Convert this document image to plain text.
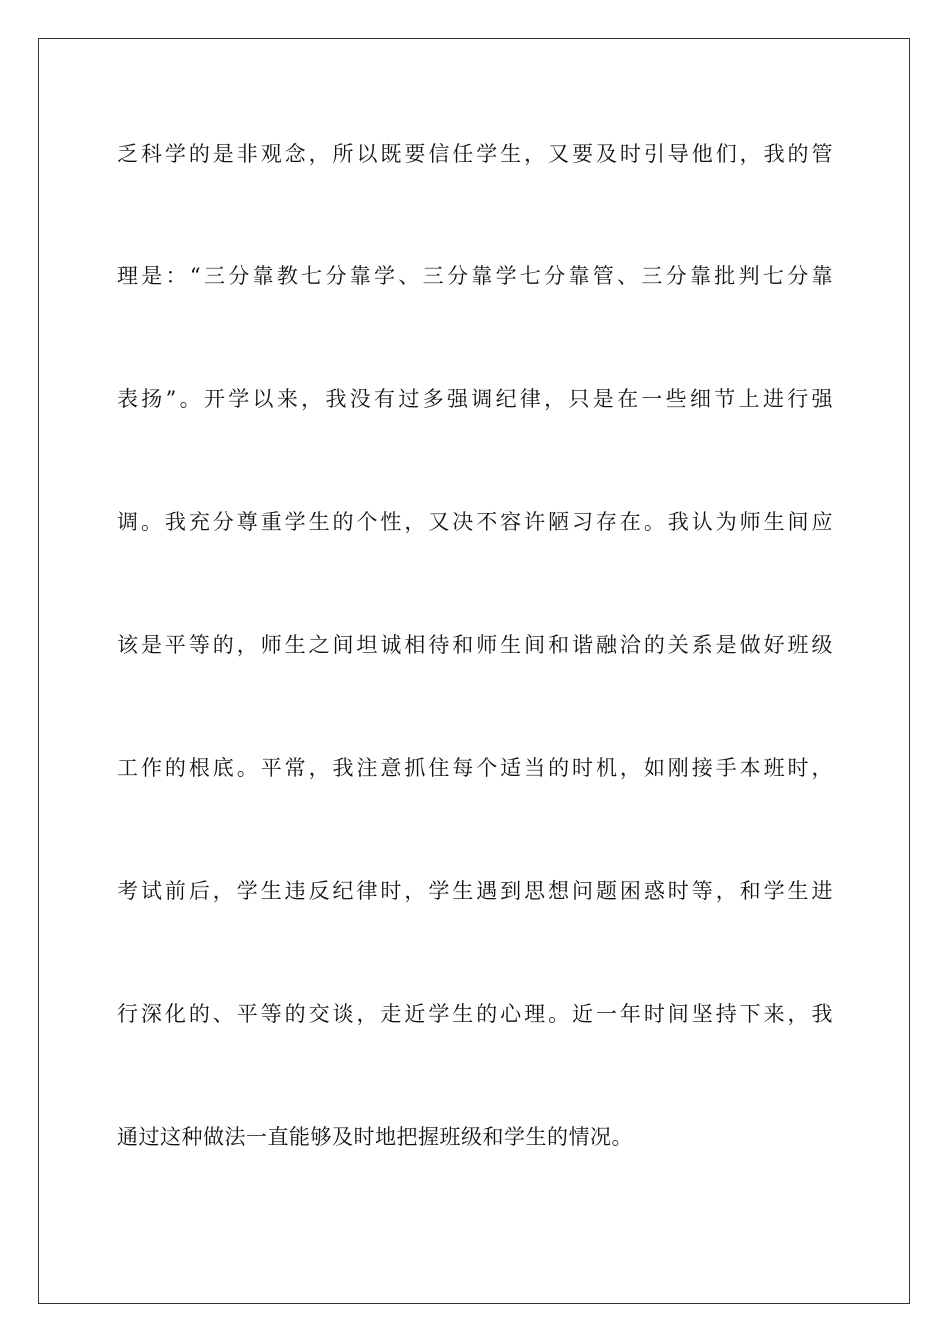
乏科学的是非观念，所以既要信任学生，又要及时引导他们，我的管
理是：“三分靠教七分靠学、三分靠学七分靠管、三分靠批判七分靠
表扬”。开学以来，我没有过多强调纪律，只是在一些细节上进行强
调。我充分尊重学生的个性，又决不容许陋习存在。我认为师生间应
该是平等的，师生之间坦诚相待和师生间和谐融洽的关系是做好班级
工作的根底。平常，我注意抓住每个适当的时机，如刚接手本班时，
考试前后，学生违反纪律时，学生遇到思想问题困惑时等，和学生进
行深化的、平等的交谈，走近学生的心理。近一年时间坚持下来，我
通过这种做法一直能够及时地把握班级和学生的情况。
